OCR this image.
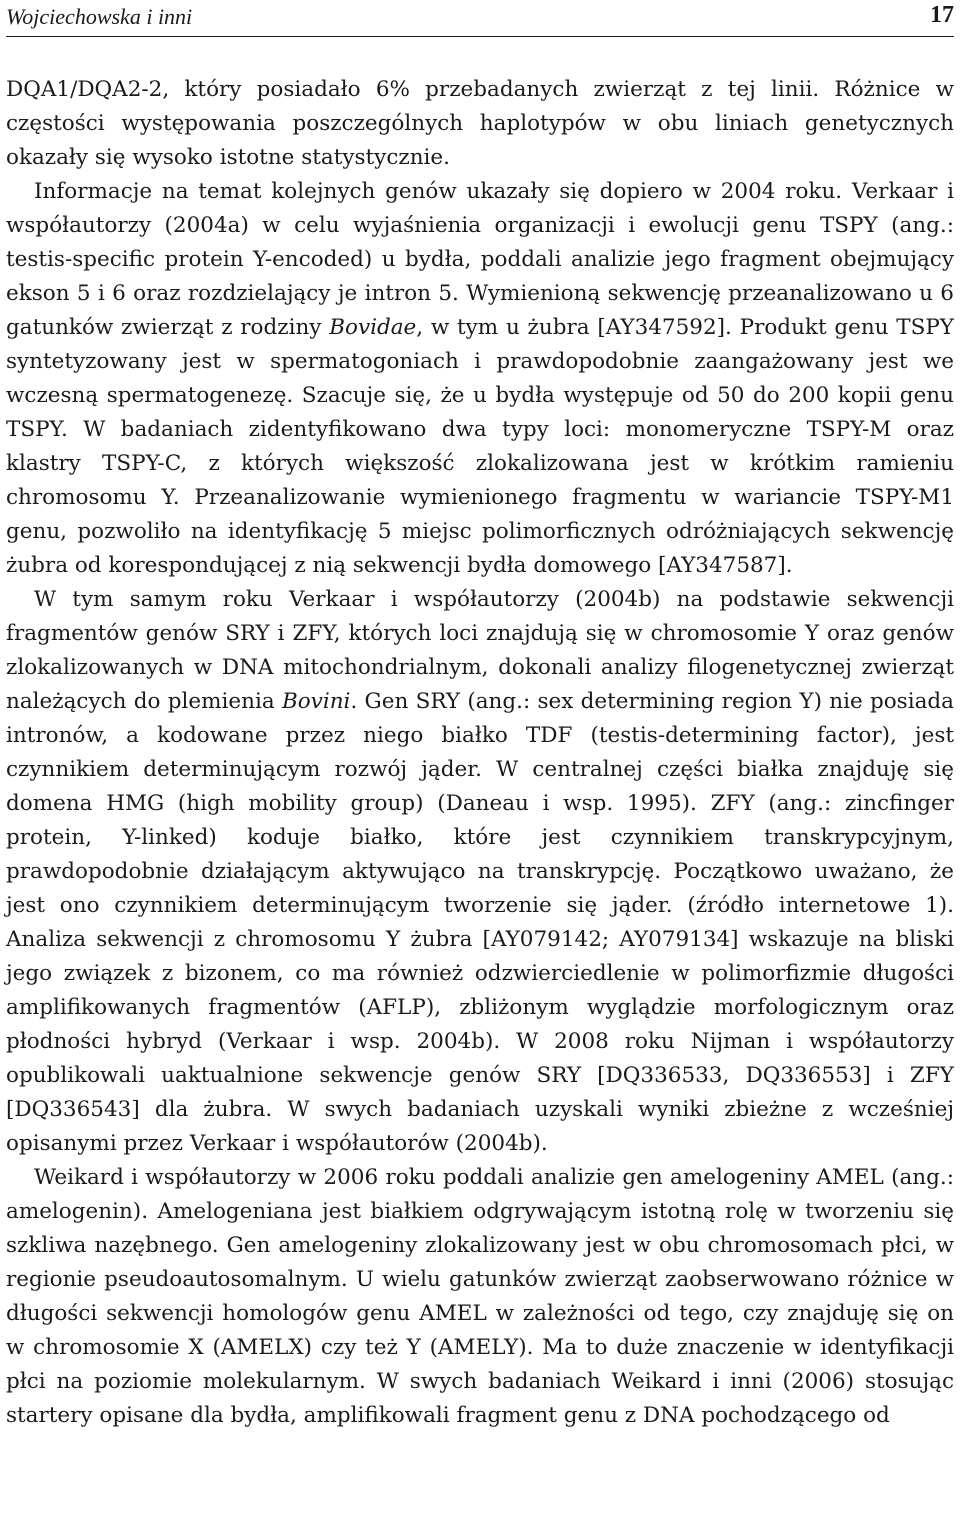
Wojciechowska i inni	17

DQA1/DQA2-2, który posiadało 6% przebadanych zwierząt z tej linii. Różnice w częstości występowania poszczególnych haplotypów w obu liniach genetycznych okazały się wysoko istotne statystycznie.

Informacje na temat kolejnych genów ukazały się dopiero w 2004 roku. Verkaar i współautorzy (2004a) w celu wyjaśnienia organizacji i ewolucji genu TSPY (ang.: testis-specific protein Y-encoded) u bydła, poddali analizie jego fragment obejmujący ekson 5 i 6 oraz rozdzielający je intron 5. Wymienioną sekwencję przeanalizowano u 6 gatunków zwierząt z rodziny Bovidae, w tym u żubra [AY347592]. Produkt genu TSPY syntetyzowany jest w spermatogoniach i prawdopodobnie zaangażowany jest we wczesną spermatogenezę. Szacuje się, że u bydła występuje od 50 do 200 kopii genu TSPY. W badaniach zidentyfikowano dwa typy loci: monomeryczne TSPY-M oraz klastry TSPY-C, z których większość zlokalizowana jest w krótkim ramieniu chromosomu Y. Przeanalizowanie wymienionego fragmentu w wariancie TSPY-M1 genu, pozwoliło na identyfikację 5 miejsc polimorficznych odróżniających sekwencję żubra od korespondującej z nią sekwencji bydła domowego [AY347587].

W tym samym roku Verkaar i współautorzy (2004b) na podstawie sekwencji fragmentów genów SRY i ZFY, których loci znajdują się w chromosomie Y oraz genów zlokalizowanych w DNA mitochondrialnym, dokonali analizy filogenetycznej zwierząt należących do plemienia Bovini. Gen SRY (ang.: sex determining region Y) nie posiada intronów, a kodowane przez niego białko TDF (testis-determining factor), jest czynnikiem determinującym rozwój jąder. W centralnej części białka znajduję się domena HMG (high mobility group) (Daneau i wsp. 1995). ZFY (ang.: zincfinger protein, Y-linked) koduje białko, które jest czynnikiem transkrypcyjnym, prawdopodobnie działającym aktywująco na transkrypcję. Początkowo uważano, że jest ono czynnikiem determinującym tworzenie się jąder. (źródło internetowe 1). Analiza sekwencji z chromosomu Y żubra [AY079142; AY079134] wskazuje na bliski jego związek z bizonem, co ma również odzwierciedlenie w polimorfizmie długości amplifikowanych fragmentów (AFLP), zbliżonym wyglądzie morfologicznym oraz płodności hybryd (Verkaar i wsp. 2004b). W 2008 roku Nijman i współautorzy opublikowali uaktualnione sekwencje genów SRY [DQ336533, DQ336553] i ZFY [DQ336543] dla żubra. W swych badaniach uzyskali wyniki zbieżne z wcześniej opisanymi przez Verkaar i współautorów (2004b).

Weikard i współautorzy w 2006 roku poddali analizie gen amelogeniny AMEL (ang.: amelogenin). Amelogeniana jest białkiem odgrywającym istotną rolę w tworzeniu się szkliwa nazębnego. Gen amelogeniny zlokalizowany jest w obu chromosomach płci, w regionie pseudoautosomalnym. U wielu gatunków zwierząt zaobserwowano różnice w długości sekwencji homologów genu AMEL w zależności od tego, czy znajduję się on w chromosomie X (AMELX) czy też Y (AMELY). Ma to duże znaczenie w identyfikacji płci na poziomie molekularnym. W swych badaniach Weikard i inni (2006) stosując startery opisane dla bydła, amplifikowali fragment genu z DNA pochodzącego od
